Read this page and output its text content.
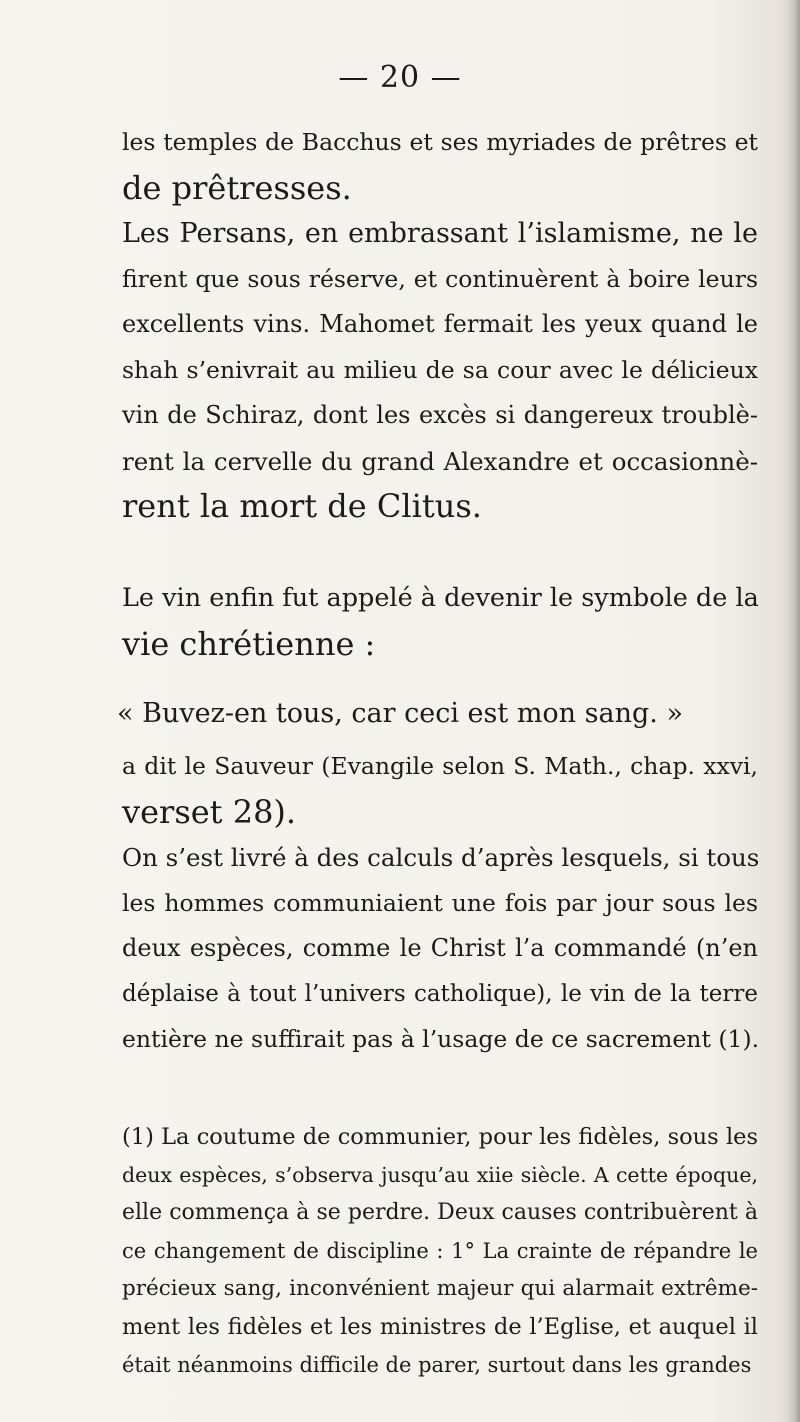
— 20 —

les temples de Bacchus et ses myriades de prêtres et
de prêtresses.
Les Persans, en embrassant l’islamisme, ne le
firent que sous réserve, et continuèrent à boire leurs
excellents vins. Mahomet fermait les yeux quand le
shah s’enivrait au milieu de sa cour avec le délicieux
vin de Schiraz, dont les excès si dangereux troublè-
rent la cervelle du grand Alexandre et occasionnè-
rent la mort de Clitus.

Le vin enfin fut appelé à devenir le symbole de la
vie chrétienne :

« Buvez-en tous, car ceci est mon sang. »

a dit le Sauveur (Evangile selon S. Math., chap. xxvi,
verset 28).
On s’est livré à des calculs d’après lesquels, si tous
les hommes communiaient une fois par jour sous les
deux espèces, comme le Christ l’a commandé (n’en
déplaise à tout l’univers catholique), le vin de la terre
entière ne suffirait pas à l’usage de ce sacrement (1).

(1) La coutume de communier, pour les fidèles, sous les
deux espèces, s’observa jusqu’au xiie siècle. A cette époque,
elle commença à se perdre. Deux causes contribuèrent à
ce changement de discipline : 1° La crainte de répandre le
précieux sang, inconvénient majeur qui alarmait extrême-
ment les fidèles et les ministres de l’Eglise, et auquel il
était néanmoins difficile de parer, surtout dans les grandes
